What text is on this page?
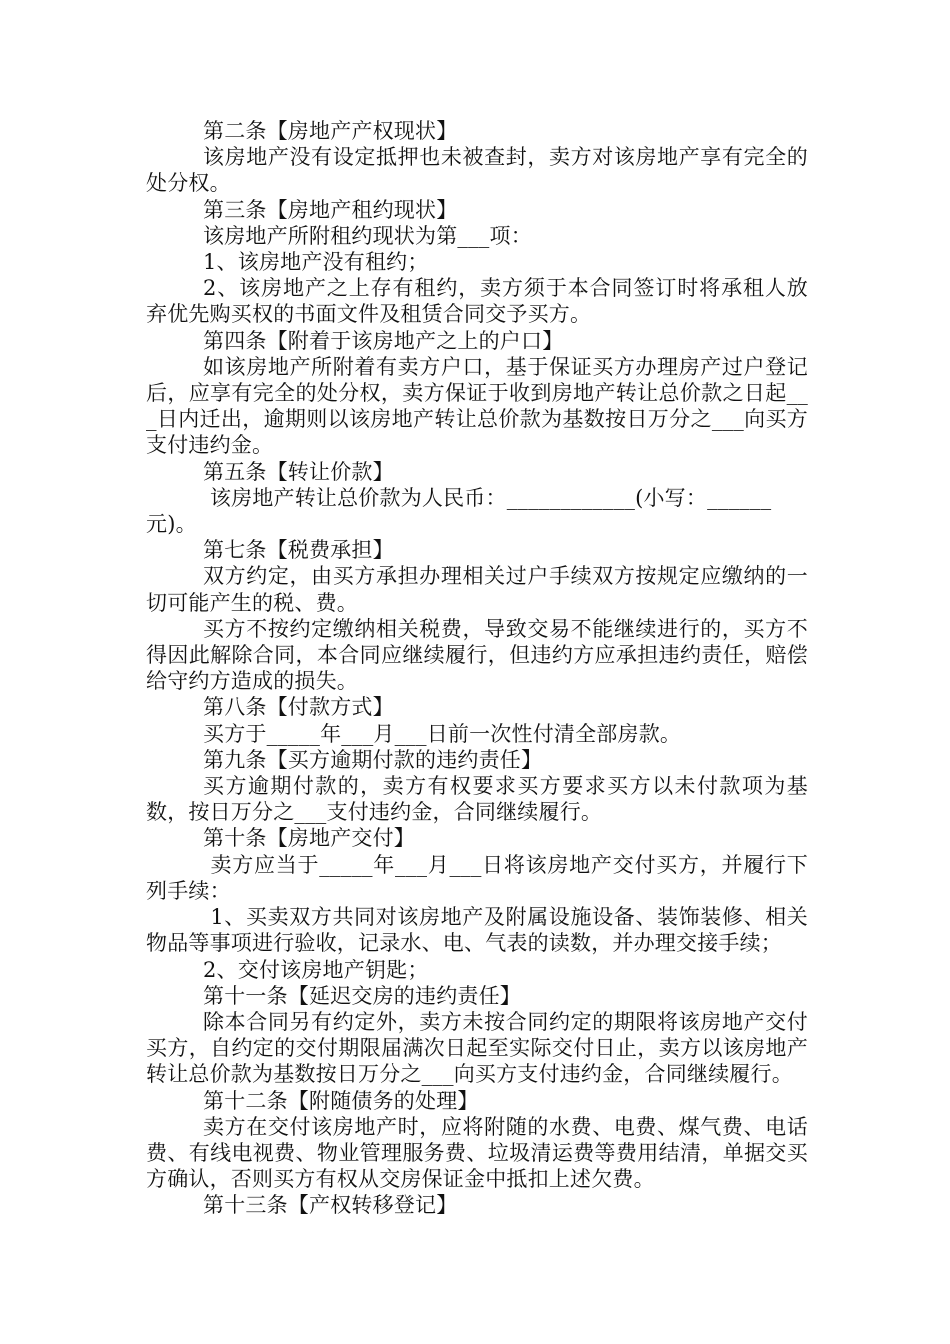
第二条【房地产产权现状】

该房地产没有设定抵押也未被查封，卖方对该房地产享有完全的处分权。

第三条【房地产租约现状】

该房地产所附租约现状为第___项：

1、该房地产没有租约；

2、该房地产之上存有租约，卖方须于本合同签订时将承租人放弃优先购买权的书面文件及租赁合同交予买方。

第四条【附着于该房地产之上的户口】

如该房地产所附着有卖方户口，基于保证买方办理房产过户登记后，应享有完全的处分权，卖方保证于收到房地产转让总价款之日起___日内迁出，逾期则以该房地产转让总价款为基数按日万分之___向买方支付违约金。

第五条【转让价款】

该房地产转让总价款为人民币：____________(小写：______元)。

第七条【税费承担】

双方约定，由买方承担办理相关过户手续双方按规定应缴纳的一切可能产生的税、费。

买方不按约定缴纳相关税费，导致交易不能继续进行的，买方不得因此解除合同，本合同应继续履行，但违约方应承担违约责任，赔偿给守约方造成的损失。

第八条【付款方式】

买方于_____年___月___日前一次性付清全部房款。

第九条【买方逾期付款的违约责任】

买方逾期付款的，卖方有权要求买方要求买方以未付款项为基数，按日万分之___支付违约金，合同继续履行。

第十条【房地产交付】

卖方应当于_____年___月___日将该房地产交付买方，并履行下列手续：

1、买卖双方共同对该房地产及附属设施设备、装饰装修、相关物品等事项进行验收，记录水、电、气表的读数，并办理交接手续；

2、交付该房地产钥匙；

第十一条【延迟交房的违约责任】

除本合同另有约定外，卖方未按合同约定的期限将该房地产交付买方，自约定的交付期限届满次日起至实际交付日止，卖方以该房地产转让总价款为基数按日万分之___向买方支付违约金，合同继续履行。

第十二条【附随债务的处理】

卖方在交付该房地产时，应将附随的水费、电费、煤气费、电话费、有线电视费、物业管理服务费、垃圾清运费等费用结清，单据交买方确认，否则买方有权从交房保证金中抵扣上述欠费。

第十三条【产权转移登记】
